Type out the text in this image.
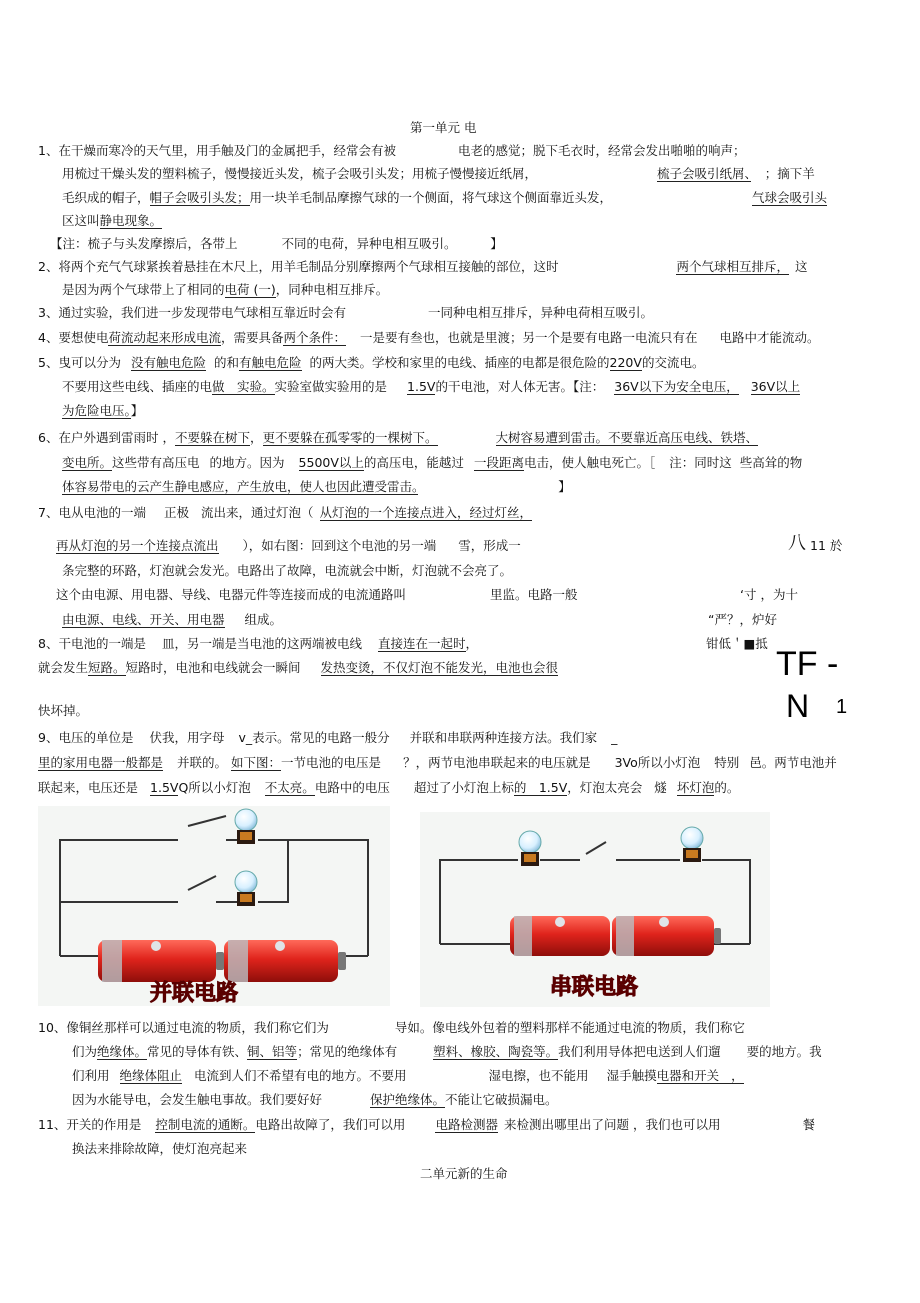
第一单元 电
1、在干燥而寒冷的天气里，用手触及门的金属把手，经常会有被	电老的感觉；脱下毛衣时，经常会发出啪啪的响声；
用梳过干燥头发的塑料梳子，慢慢接近头发，梳子会吸引头发；用梳子慢慢接近纸屑，	梳子会吸引纸屑、 ；摘下羊
毛织成的帽子，帽子会吸引头发；用一块羊毛制品摩擦气球的一个侧面，将气球这个侧面靠近头发，	气球会吸引头
区这叫静电现象。
【注：梳子与头发摩擦后，各带上	不同的电荷，异种电相互吸引。	】
2、将两个充气气球紧挨着悬挂在木尺上，用羊毛制品分别摩擦两个气球相互接触的部位，这时	两个气球相互排斥， 这
是因为两个气球带上了相同的电荷 (一)，同种电相互排斥。
3、通过实验，我们进一步发现带电气球相互靠近时会有	一同种电相互排斥，异种电荷相互吸引。
4、要想使电荷流动起来形成电流，需要具备两个条件： 一是要有叁也，也就是里渡；另一个是要有电路一电流只有在 电路中才能流动。
5、曳可以分为 没有触电危险 的和有触电危险 的两大类。学校和家里的电线、插座的电都是很危险的220V的交流电。
不要用这些电线、插座的电做　实验。实验室做实验用的是 1.5V的干电池，对人体无害。【注： 36V以下为安全电压， 36V以上
为危险电压。】
6、在户外遇到雷雨时 ，不要躲在树下，更不要躲在孤零零的一棵树下。	大树容易遭到雷击。不要靠近高压电线、铁塔、
变电所。这些带有高压电 的地方。因为 5500V以上的高压电，能越过 一段距离电击，使人触电死亡。［ 注：同时这 些高耸的物
体容易带电的云产生静电感应，产生放电，使人也因此遭受雷击。	】
7、电从电池的一端 正极 流出来，通过灯泡（ 从灯泡的一个连接点进入，经过灯丝，
再从灯泡的另一个连接点流出 ），如右图：回到这个电池的另一端 雪，形成一	八 11 於
条完整的环路，灯泡就会发光。电路出了故障，电流就会中断，灯泡就不会亮了。
这个由电源、用电器、导线、电器元件等连接而成的电流通路叫	里监。电路一般	‘寸 ，为十
由电源、电线、开关、用电器 组成。	“严？，炉好
8、干电池的一端是 皿，另一端是当电池的这两端被电线 直接连在一起时，	钳低＇■抵
就会发生短路。短路时，电池和电线就会一瞬间 发热变烫，不仅灯泡不能发光，电池也会很	TF -
N 1
快坏掉。
9、电压的单位是 伏我，用字母 v_表示。常见的电路一般分 并联和串联两种连接方法。我们家 _
里的家用电器一般都是 并联的。 如下图：一节电池的电压是 ？，两节电池串联起来的电压就是 3Vo所以小灯泡 特别 邑。两节电池并
联起来，电压还是 1.5VQ所以小灯泡 不太亮。电路中的电压 超过了小灯泡上标的　1.5V，灯泡太亮会 燧 坏灯泡的。
并联电路	串联电路
10、像铜丝那样可以通过电流的物质，我们称它们为	导如。像电线外包着的塑料那样不能通过电流的物质，我们称它
们为绝缘体。常见的导体有铁、铜、铝等；常见的绝缘体有	塑料、橡胶、陶瓷等。我们利用导体把电送到人们遛 要的地方。我
们利用 绝缘体阻止 电流到人们不希望有电的地方。不要用	湿电擦，也不能用 湿手触摸电器和开关 ，
因为水能导电，会发生触电事故。我们要好好	保护绝缘体。不能让它破损漏电。
11、开关的作用是 控制电流的通断。电路出故障了，我们可以用 电路检测器 来检测出哪里出了问题 ，我们也可以用	餐
换法来排除故障，使灯泡亮起来
二单元新的生命
